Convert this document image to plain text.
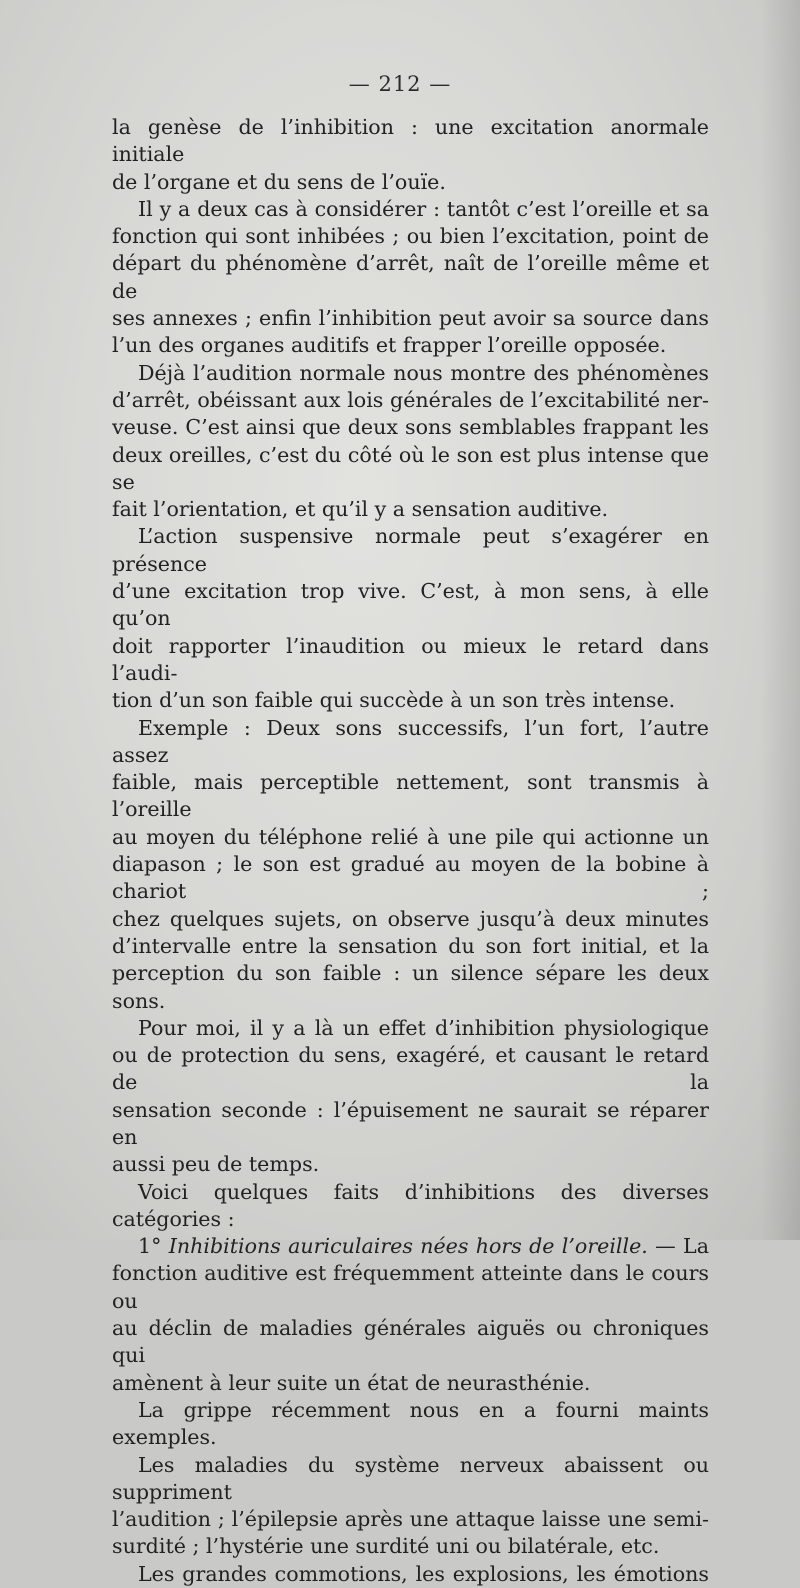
— 212 —

la genèse de l’inhibition : une excitation anormale initiale

de l’organe et du sens de l’ouïe.

Il y a deux cas à considérer : tantôt c’est l’oreille et sa

fonction qui sont inhibées ; ou bien l’excitation, point de

départ du phénomène d’arrêt, naît de l’oreille même et de

ses annexes ; enfin l’inhibition peut avoir sa source dans

l’un des organes auditifs et frapper l’oreille opposée.

Déjà l’audition normale nous montre des phénomènes

d’arrêt, obéissant aux lois générales de l’excitabilité ner-

veuse. C’est ainsi que deux sons semblables frappant les

deux oreilles, c’est du côté où le son est plus intense que se

fait l’orientation, et qu’il y a sensation auditive.

L’action suspensive normale peut s’exagérer en présence

d’une excitation trop vive. C’est, à mon sens, à elle qu’on

doit rapporter l’inaudition ou mieux le retard dans l’audi-

tion d’un son faible qui succède à un son très intense.

Exemple : Deux sons successifs, l’un fort, l’autre assez

faible, mais perceptible nettement, sont transmis à l’oreille

au moyen du téléphone relié à une pile qui actionne un

diapason ; le son est gradué au moyen de la bobine à chariot ;

chez quelques sujets, on observe jusqu’à deux minutes

d’intervalle entre la sensation du son fort initial, et la

perception du son faible : un silence sépare les deux sons.

Pour moi, il y a là un effet d’inhibition physiologique

ou de protection du sens, exagéré, et causant le retard de la

sensation seconde : l’épuisement ne saurait se réparer en

aussi peu de temps.

Voici quelques faits d’inhibitions des diverses catégories :

1° Inhibitions auriculaires nées hors de l’oreille. — La

fonction auditive est fréquemment atteinte dans le cours ou

au déclin de maladies générales aiguës ou chroniques qui

amènent à leur suite un état de neurasthénie.

La grippe récemment nous en a fourni maints exemples.

Les maladies du système nerveux abaissent ou suppriment

l’audition ; l’épilepsie après une attaque laisse une semi-

surdité ; l’hystérie une surdité uni ou bilatérale, etc.

Les grandes commotions, les explosions, les émotions
